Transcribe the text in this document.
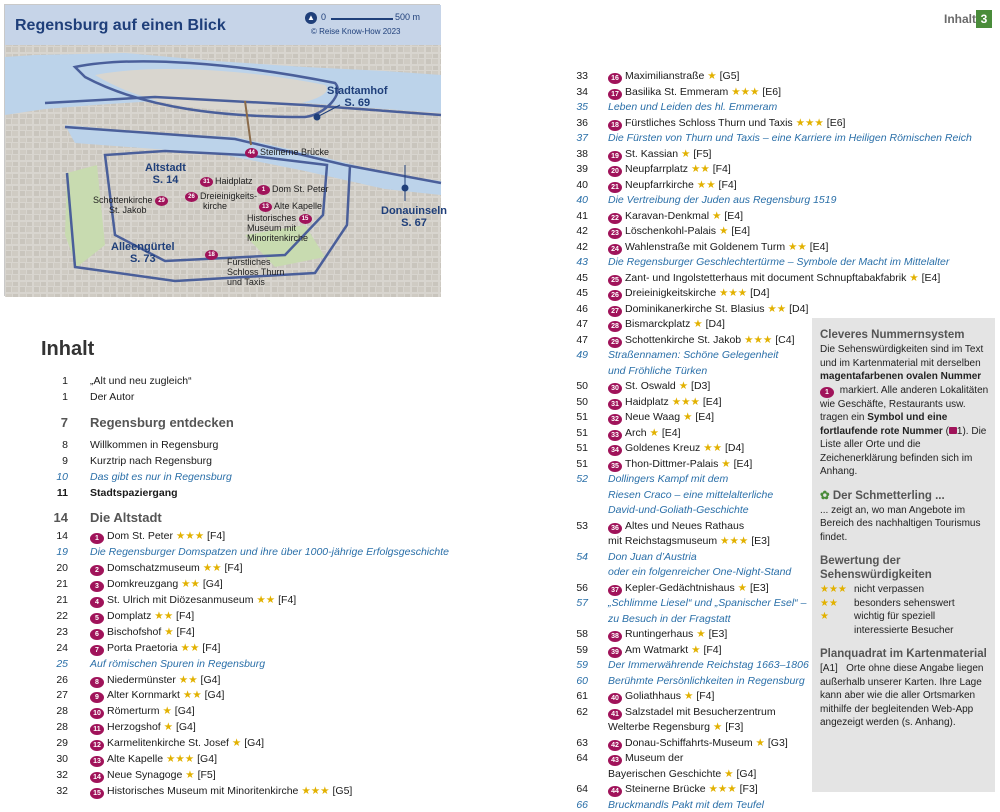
Regensburg auf einen Blick	▲ 0	500 m
© Reise Know-How 2023
Stadtamhof
S. 69
Altstadt
S. 14
Donauinseln
S. 67
Alleengürtel
S. 73
44 Steinerne Brücke
31 Haidplatz
1 Dom St. Peter
26 Dreieinigkeits-
kirche	13 Alte Kapelle
Schottenkirche 29
St. Jakob
Historisches 15
Museum mit
Minoritenkirche
18
Fürstliches
Schloss Thurn
und Taxis
Inhalt 3
Inhalt
1 „Alt und neu zugleich“
1 Der Autor
7 Regensburg entdecken
8 Willkommen in Regensburg
9 Kurztrip nach Regensburg
10 Das gibt es nur in Regensburg
11 Stadtspaziergang
14 Die Altstadt
14	1 Dom St. Peter ★★★ [F4]
19 Die Regensburger Domspatzen und ihre über 1000-jährige Erfolgsgeschichte
20	2 Domschatzmuseum ★★ [F4]
21	3 Domkreuzgang ★★ [G4]
21	4 St. Ulrich mit Diözesanmuseum ★★ [F4]
22	5 Domplatz ★★ [F4]
23	6 Bischofshof ★ [F4]
24	7 Porta Praetoria ★★ [F4]
25 Auf römischen Spuren in Regensburg
26	8 Niedermünster ★★ [G4]
27	9 Alter Kornmarkt ★★ [G4]
28	10 Römerturm ★ [G4]
28	11 Herzogshof ★ [G4]
29	12 Karmelitenkirche St. Josef ★ [G4]
30	13 Alte Kapelle ★★★ [G4]
32	14 Neue Synagoge ★ [F5]
32	15 Historisches Museum mit Minoritenkirche ★★★ [G5]
33	16 Maximilianstraße ★ [G5]
34	17 Basilika St. Emmeram ★★★ [E6]
35 Leben und Leiden des hl. Emmeram
36	18 Fürstliches Schloss Thurn und Taxis ★★★ [E6]
37 Die Fürsten von Thurn und Taxis – eine Karriere im Heiligen Römischen Reich
38	19 St. Kassian ★ [F5]
39	20 Neupfarrplatz ★★ [F4]
40	21 Neupfarrkirche ★★ [F4]
40 Die Vertreibung der Juden aus Regensburg 1519
41	22 Karavan-Denkmal ★ [E4]
42	23 Löschenkohl-Palais ★ [E4]
42	24 Wahlenstraße mit Goldenem Turm ★★ [E4]
43 Die Regensburger Geschlechtertürme – Symbole der Macht im Mittelalter
45	25 Zant- und Ingolstetterhaus mit document Schnupftabakfabrik ★ [E4]
45	26 Dreieinigkeitskirche ★★★ [D4]
46	27 Dominikanerkirche St. Blasius ★★ [D4]
47	28 Bismarckplatz ★ [D4]
47	29 Schottenkirche St. Jakob ★★★ [C4]
49 Straßennamen: Schöne Gelegenheit
und Fröhliche Türken
50	30 St. Oswald ★ [D3]
50	31 Haidplatz ★★★ [E4]
51	32 Neue Waag ★ [E4]
51	33 Arch ★ [E4]
51	34 Goldenes Kreuz ★★ [D4]
51	35 Thon-Dittmer-Palais ★ [E4]
52 Dollingers Kampf mit dem
Riesen Craco – eine mittelalterliche
David-und-Goliath-Geschichte
53	36 Altes und Neues Rathaus
mit Reichstagsmuseum ★★★ [E3]
54 Don Juan d’Austria
oder ein folgenreicher One-Night-Stand
56	37 Kepler-Gedächtnishaus ★ [E3]
57 „Schlimme Liesel“ und „Spanischer Esel“ –
zu Besuch in der Fragstatt
58	38 Runtingerhaus ★ [E3]
59	39 Am Watmarkt ★ [F4]
59 Der Immerwährende Reichstag 1663–1806
60 Berühmte Persönlichkeiten in Regensburg
61	40 Goliathhaus ★ [F4]
62	41 Salzstadel mit Besucherzentrum
Welterbe Regensburg ★ [F3]
63	42 Donau-Schiffahrts-Museum ★ [G3]
64	43 Museum der
Bayerischen Geschichte ★ [G4]
64	44 Steinerne Brücke ★★★ [F3]
66 Bruckmandls Pakt mit dem Teufel
Cleveres Nummernsystem
Die Sehenswürdigkeiten sind im Text und im Kartenmaterial mit derselben magentafarbenen ovalen Nummer 1 markiert. Alle anderen Lokalitäten wie Geschäfte, Restaurants usw. tragen ein Symbol und eine fortlaufende rote Nummer ( 1). Die Liste aller Orte und die Zeichenerklärung befinden sich im Anhang.
✿ Der Schmetterling ...
... zeigt an, wo man Angebote im Bereich des nachhaltigen Tourismus findet.
Bewertung der
Sehenswürdigkeiten
★★★ nicht verpassen
★★ besonders sehenswert
★	wichtig für speziell
interessierte Besucher
Planquadrat im Kartenmaterial
[A1] Orte ohne diese Angabe liegen außerhalb unserer Karten. Ihre Lage kann aber wie die aller Ortsmarken mithilfe der begleitenden Web-App angezeigt werden (s. Anhang).
